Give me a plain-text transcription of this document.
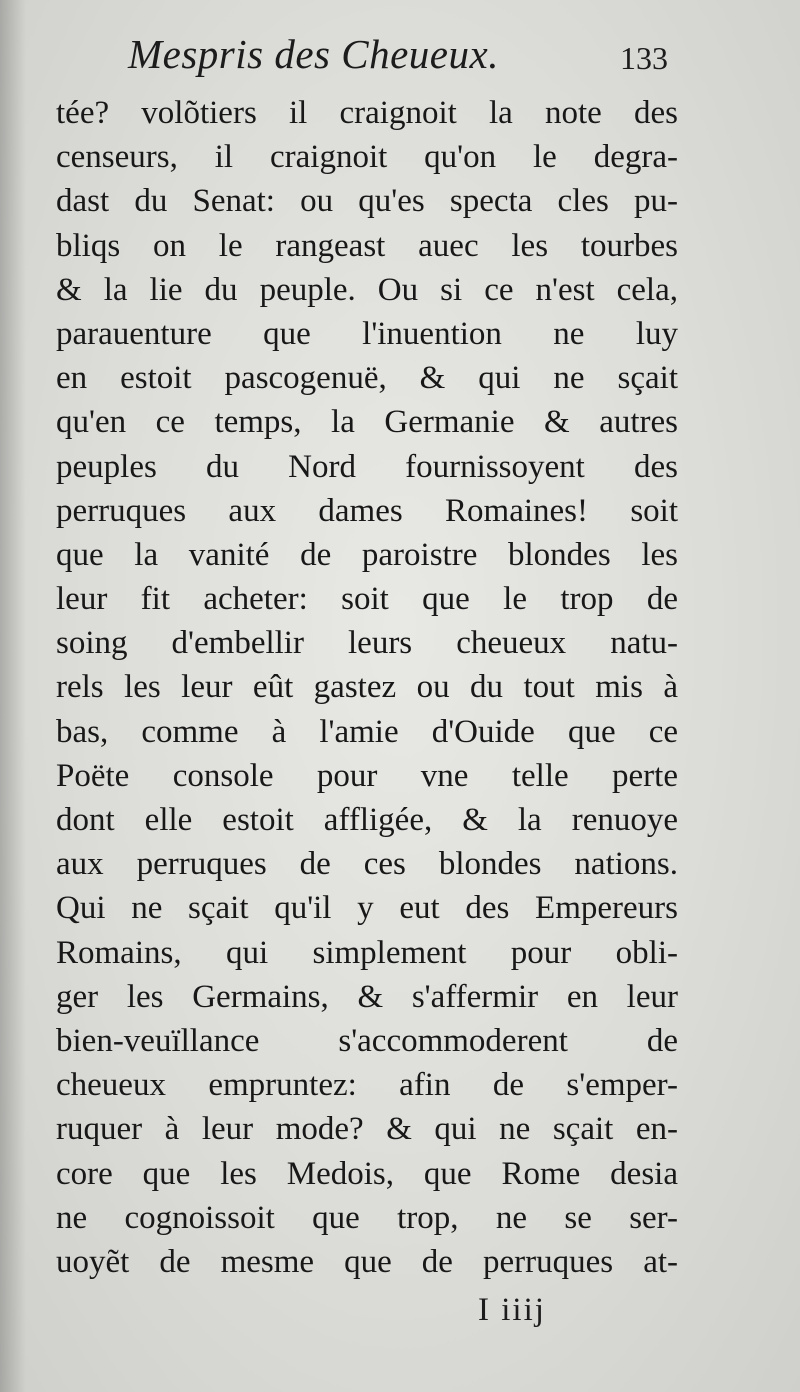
Mespris des Cheueux.	133
tée? volõtiers il craignoit la note des
censeurs, il craignoit qu'on le degra-
dast du Senat: ou qu'es specta cles pu-
bliqs on le rangeast auec les tourbes
& la lie du peuple. Ou si ce n'est cela,
parauenture que l'inuention ne luy
en estoit pascogenuë, & qui ne sçait
qu'en ce temps, la Germanie & autres
peuples du Nord fournissoyent des
perruques aux dames Romaines! soit
que la vanité de paroistre blondes les
leur fit acheter: soit que le trop de
soing d'embellir leurs cheueux natu-
rels les leur eût gastez ou du tout mis à
bas, comme à l'amie d'Ouide que ce
Poëte console pour vne telle perte
dont elle estoit affligée, & la renuoye
aux perruques de ces blondes nations.
Qui ne sçait qu'il y eut des Empereurs
Romains, qui simplement pour obli-
ger les Germains, & s'affermir en leur
bien-veuïllance s'accommoderent de
cheueux empruntez: afin de s'emper-
ruquer à leur mode? & qui ne sçait en-
core que les Medois, que Rome desia
ne cognoissoit que trop, ne se ser-
uoyẽt de mesme que de perruques at-
I iiij
